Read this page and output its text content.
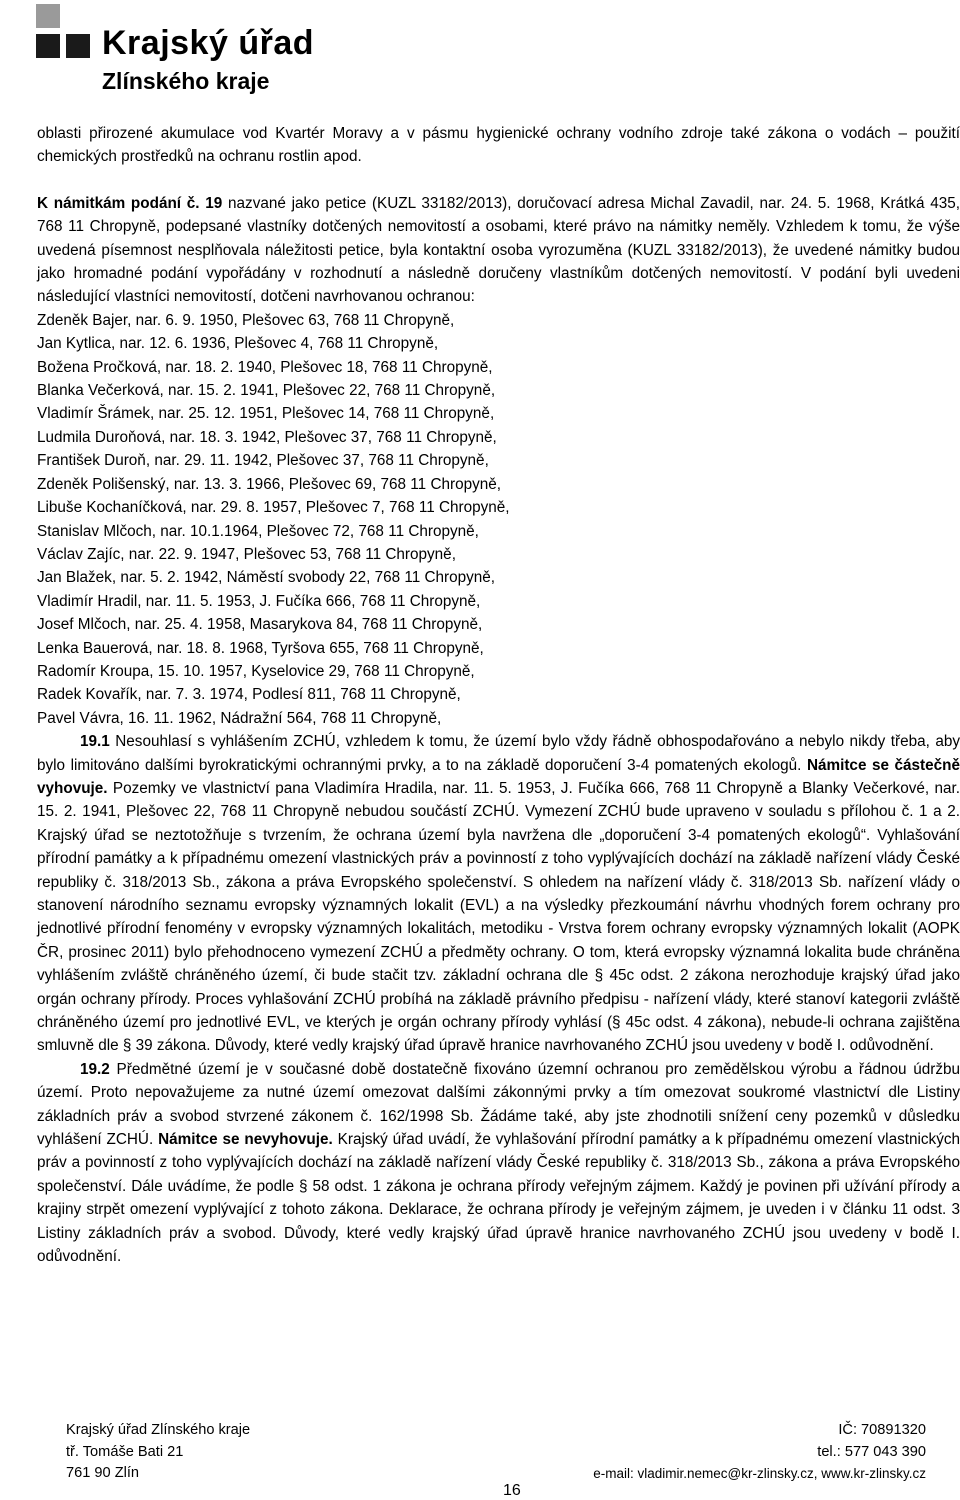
Krajský úřad
Zlínského kraje

oblasti přirozené akumulace vod Kvartér Moravy a v pásmu hygienické ochrany vodního zdroje také zákona o vodách – použití chemických prostředků na ochranu rostlin apod.

K námitkám podání č. 19 nazvané jako petice (KUZL 33182/2013), doručovací adresa Michal Zavadil, nar. 24. 5. 1968, Krátká 435, 768 11 Chropyně, podepsané vlastníky dotčených nemovitostí a osobami, které právo na námitky neměly. Vzhledem k tomu, že výše uvedená písemnost nesplňovala náležitosti petice, byla kontaktní osoba vyrozuměna (KUZL 33182/2013), že uvedené námitky budou jako hromadné podání vypořádány v rozhodnutí a následně doručeny vlastníkům dotčených nemovitostí. V podání byli uvedeni následující vlastníci nemovitostí, dotčeni navrhovanou ochranou:

Zdeněk Bajer, nar. 6. 9. 1950, Plešovec 63, 768 11 Chropyně,
Jan Kytlica, nar. 12. 6. 1936, Plešovec 4, 768 11 Chropyně,
Božena Pročková, nar. 18. 2. 1940, Plešovec 18, 768 11 Chropyně,
Blanka Večerková, nar. 15. 2. 1941, Plešovec 22, 768 11 Chropyně,
Vladimír Šrámek, nar. 25. 12. 1951, Plešovec 14, 768 11 Chropyně,
Ludmila Duroňová, nar. 18. 3. 1942, Plešovec 37, 768 11 Chropyně,
František Duroň, nar. 29. 11. 1942, Plešovec 37, 768 11 Chropyně,
Zdeněk Polišenský, nar. 13. 3. 1966, Plešovec 69, 768 11 Chropyně,
Libuše Kochaníčková, nar. 29. 8. 1957, Plešovec 7, 768 11 Chropyně,
Stanislav Mlčoch, nar. 10.1.1964, Plešovec 72, 768 11 Chropyně,
Václav Zajíc, nar. 22. 9. 1947, Plešovec 53, 768 11 Chropyně,
Jan Blažek, nar. 5. 2. 1942, Náměstí svobody 22, 768 11 Chropyně,
Vladimír Hradil, nar. 11. 5. 1953, J. Fučíka 666, 768 11 Chropyně,
Josef Mlčoch, nar. 25. 4. 1958, Masarykova 84, 768 11 Chropyně,
Lenka Bauerová, nar. 18. 8. 1968, Tyršova 655, 768 11 Chropyně,
Radomír Kroupa, 15. 10. 1957, Kyselovice 29, 768 11 Chropyně,
Radek Kovařík, nar. 7. 3. 1974, Podlesí 811, 768 11 Chropyně,
Pavel Vávra, 16. 11. 1962, Nádražní 564, 768 11 Chropyně,

19.1 Nesouhlasí s vyhlášením ZCHÚ, vzhledem k tomu, že území bylo vždy řádně obhospodařováno a nebylo nikdy třeba, aby bylo limitováno dalšími byrokratickými ochrannými prvky, a to na základě doporučení 3-4 pomatených ekologů. Námitce se částečně vyhovuje. Pozemky ve vlastnictví pana Vladimíra Hradila, nar. 11. 5. 1953, J. Fučíka 666, 768 11 Chropyně a Blanky Večerkové, nar. 15. 2. 1941, Plešovec 22, 768 11 Chropyně nebudou součástí ZCHÚ. Vymezení ZCHÚ bude upraveno v souladu s přílohou č. 1 a 2. Krajský úřad se neztotožňuje s tvrzením, že ochrana území byla navržena dle „doporučení 3-4 pomatených ekologů“. Vyhlašování přírodní památky a k případnému omezení vlastnických práv a povinností z toho vyplývajících dochází na základě nařízení vlády České republiky č. 318/2013 Sb., zákona a práva Evropského společenství. S ohledem na nařízení vlády č. 318/2013 Sb. nařízení vlády o stanovení národního seznamu evropsky významných lokalit (EVL) a na výsledky přezkoumání návrhu vhodných forem ochrany pro jednotlivé přírodní fenomény v evropsky významných lokalitách, metodiku - Vrstva forem ochrany evropsky významných lokalit (AOPK ČR, prosinec 2011) bylo přehodnoceno vymezení ZCHÚ a předměty ochrany. O tom, která evropsky významná lokalita bude chráněna vyhlášením zvláště chráněného území, či bude stačit tzv. základní ochrana dle § 45c odst. 2 zákona nerozhoduje krajský úřad jako orgán ochrany přírody. Proces vyhlašování ZCHÚ probíhá na základě právního předpisu - nařízení vlády, které stanoví kategorii zvláště chráněného území pro jednotlivé EVL, ve kterých je orgán ochrany přírody vyhlásí (§ 45c odst. 4 zákona), nebude-li ochrana zajištěna smluvně dle § 39 zákona. Důvody, které vedly krajský úřad úpravě hranice navrhovaného ZCHÚ jsou uvedeny v bodě I. odůvodnění.

19.2 Předmětné území je v současné době dostatečně fixováno územní ochranou pro zemědělskou výrobu a řádnou údržbu území. Proto nepovažujeme za nutné území omezovat dalšími zákonnými prvky a tím omezovat soukromé vlastnictví dle Listiny základních práv a svobod stvrzené zákonem č. 162/1998 Sb. Žádáme také, aby jste zhodnotili snížení ceny pozemků v důsledku vyhlášení ZCHÚ. Námitce se nevyhovuje. Krajský úřad uvádí, že vyhlašování přírodní památky a k případnému omezení vlastnických práv a povinností z toho vyplývajících dochází na základě nařízení vlády České republiky č. 318/2013 Sb., zákona a práva Evropského společenství. Dále uvádíme, že podle § 58 odst. 1 zákona je ochrana přírody veřejným zájmem. Každý je povinen při užívání přírody a krajiny strpět omezení vyplývající z tohoto zákona. Deklarace, že ochrana přírody je veřejným zájmem, je uveden i v článku 11 odst. 3 Listiny základních práv a svobod. Důvody, které vedly krajský úřad úpravě hranice navrhovaného ZCHÚ jsou uvedeny v bodě I. odůvodnění.

Krajský úřad Zlínského kraje
tř. Tomáše Bati 21
761 90 Zlín
IČ: 70891320
tel.: 577 043 390
e-mail: vladimir.nemec@kr-zlinsky.cz, www.kr-zlinsky.cz
16
